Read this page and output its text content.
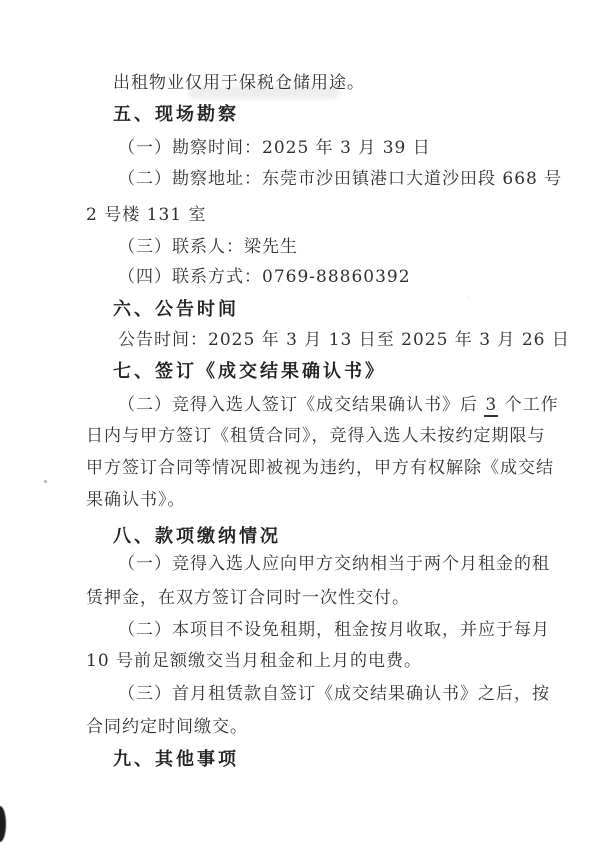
出租物业仅用于保税仓储用途。
五、现场勘察
（一）勘察时间：2025 年 3 月 39 日
（二）勘察地址：东莞市沙田镇港口大道沙田段 668 号
2 号楼 131 室
（三）联系人：梁先生
（四）联系方式：0769-88860392
六、公告时间
公告时间：2025 年 3 月 13 日至 2025 年 3 月 26 日
七、签订《成交结果确认书》
（二）竞得入选人签订《成交结果确认书》后 3 个工作
日内与甲方签订《租赁合同》，竞得入选人未按约定期限与
甲方签订合同等情况即被视为违约，甲方有权解除《成交结
果确认书》。
八、款项缴纳情况
（一）竞得入选人应向甲方交纳相当于两个月租金的租
赁押金，在双方签订合同时一次性交付。
（二）本项目不设免租期，租金按月收取，并应于每月
10 号前足额缴交当月租金和上月的电费。
（三）首月租赁款自签订《成交结果确认书》之后，按
合同约定时间缴交。
九、其他事项
